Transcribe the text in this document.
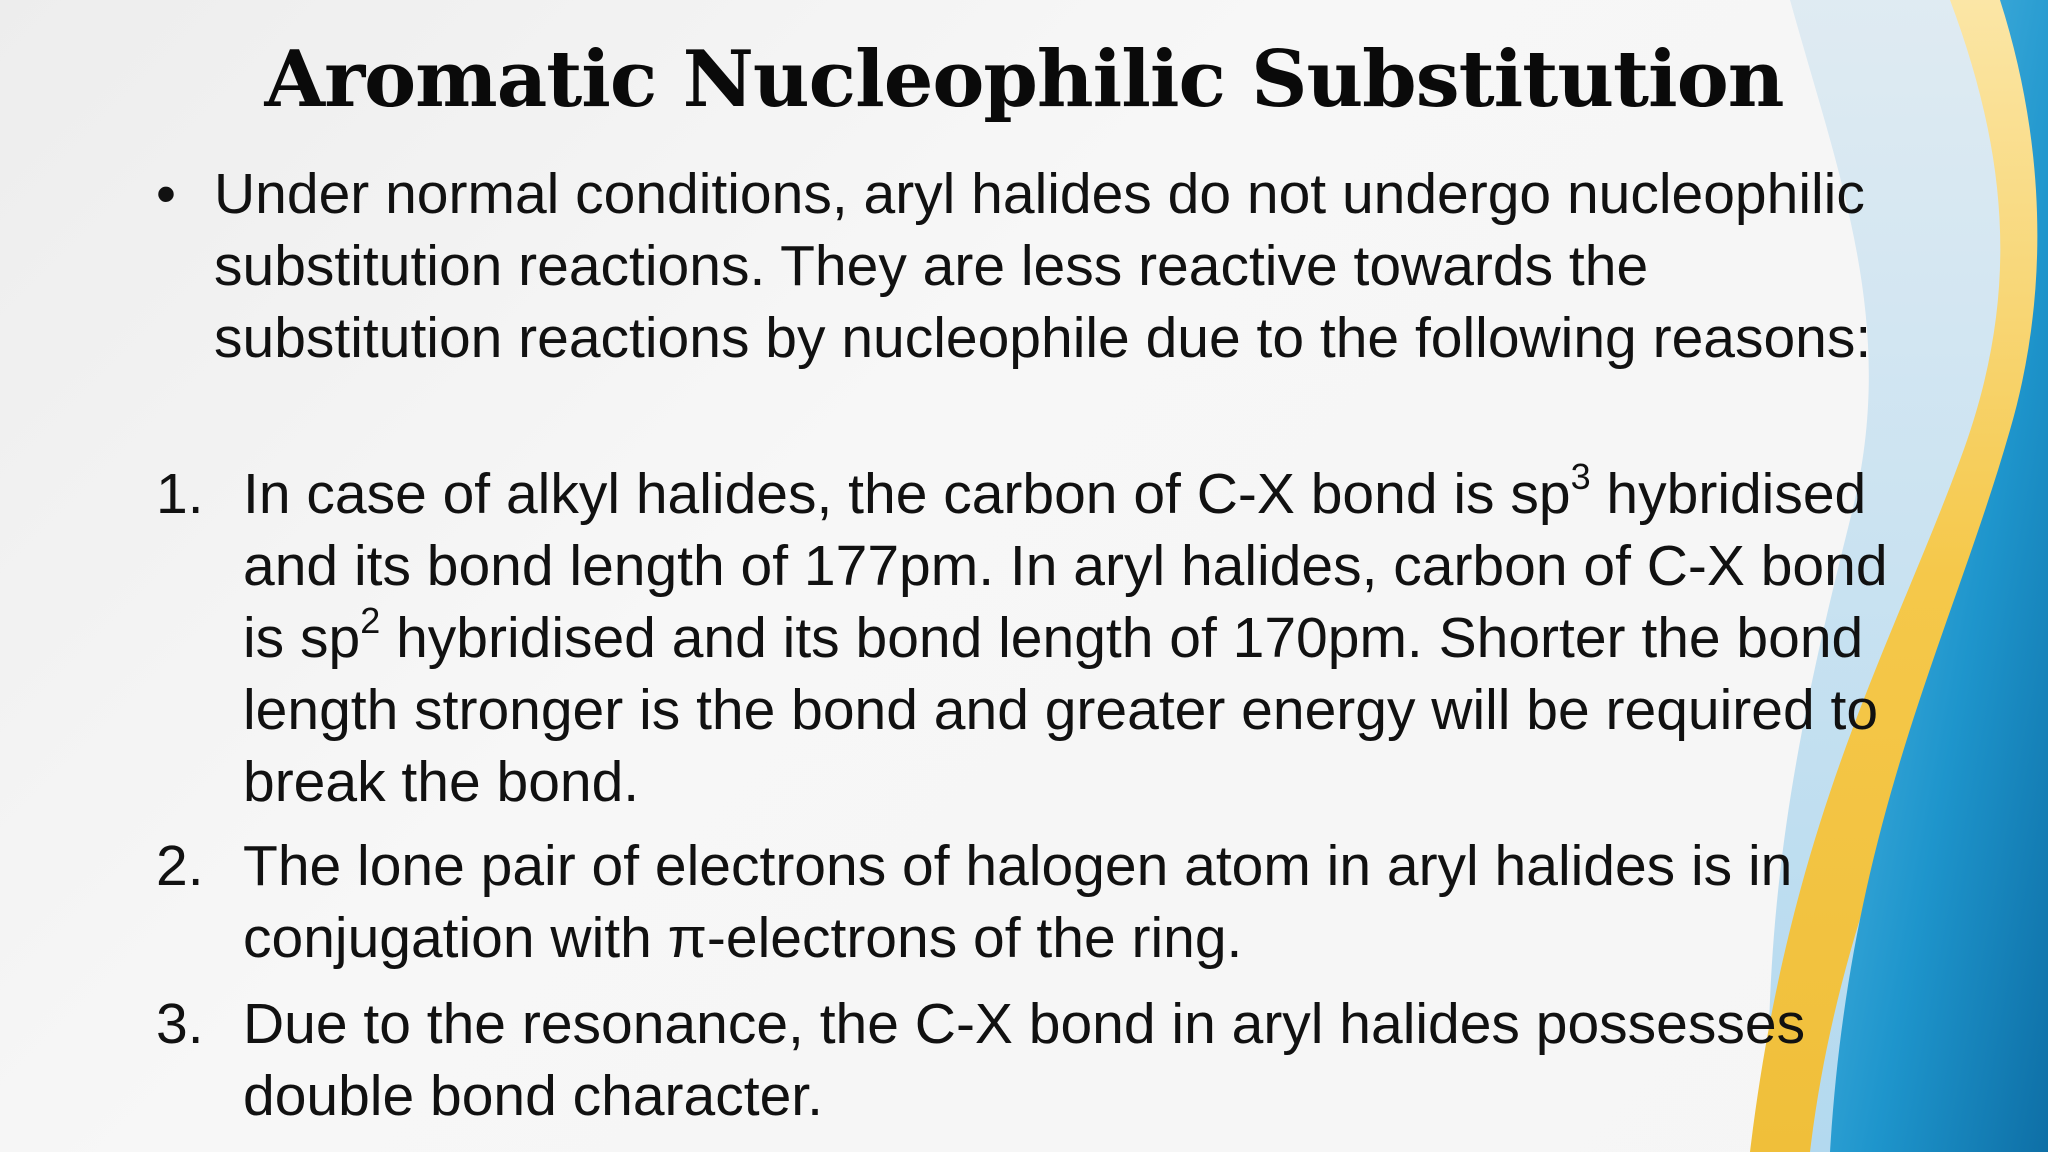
Aromatic Nucleophilic Substitution
• Under normal conditions, aryl halides do not undergo nucleophilic substitution reactions. They are less reactive towards the substitution reactions by nucleophile due to the following reasons:
1. In case of alkyl halides, the carbon of C-X bond is $sp^3$ hybridised and its bond length of 177pm. In aryl halides, carbon of C-X bond is $sp^2$ hybridised and its bond length of 170pm. Shorter the bond length stronger is the bond and greater energy will be required to break the bond.
2. The lone pair of electrons of halogen atom in aryl halides is in conjugation with π-electrons of the ring.
3. Due to the resonance, the C-X bond in aryl halides possesses double bond character.
